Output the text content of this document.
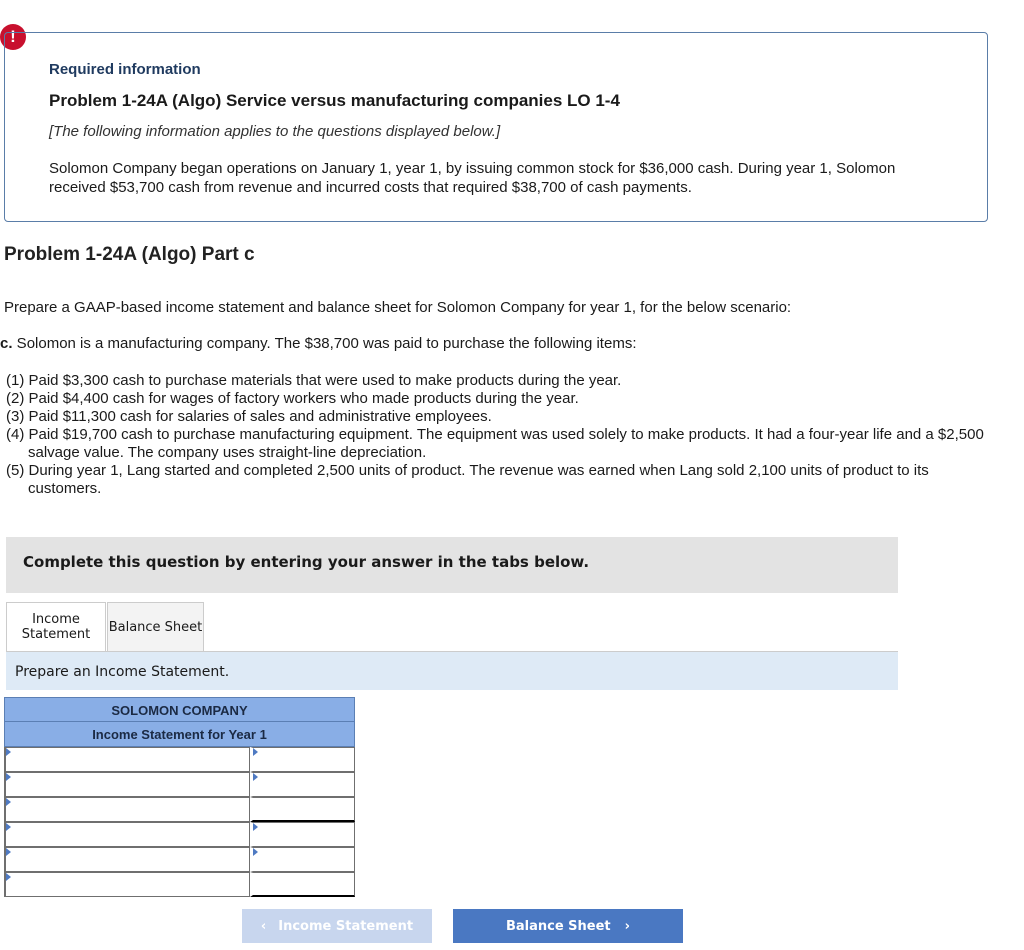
!
Required information
Problem 1-24A (Algo) Service versus manufacturing companies LO 1-4
[The following information applies to the questions displayed below.]
Solomon Company began operations on January 1, year 1, by issuing common stock for $36,000 cash. During year 1, Solomon received $53,700 cash from revenue and incurred costs that required $38,700 of cash payments.
Problem 1-24A (Algo) Part c
Prepare a GAAP-based income statement and balance sheet for Solomon Company for year 1, for the below scenario:
c. Solomon is a manufacturing company. The $38,700 was paid to purchase the following items:
(1) Paid $3,300 cash to purchase materials that were used to make products during the year.
(2) Paid $4,400 cash for wages of factory workers who made products during the year.
(3) Paid $11,300 cash for salaries of sales and administrative employees.
(4) Paid $19,700 cash to purchase manufacturing equipment. The equipment was used solely to make products. It had a four-year life and a $2,500 salvage value. The company uses straight-line depreciation.
(5) During year 1, Lang started and completed 2,500 units of product. The revenue was earned when Lang sold 2,100 units of product to its customers.
Complete this question by entering your answer in the tabs below.
Income
Statement Balance Sheet
Prepare an Income Statement.
SOLOMON COMPANY
Income Statement for Year 1
‹ Income Statement	Balance Sheet ›
